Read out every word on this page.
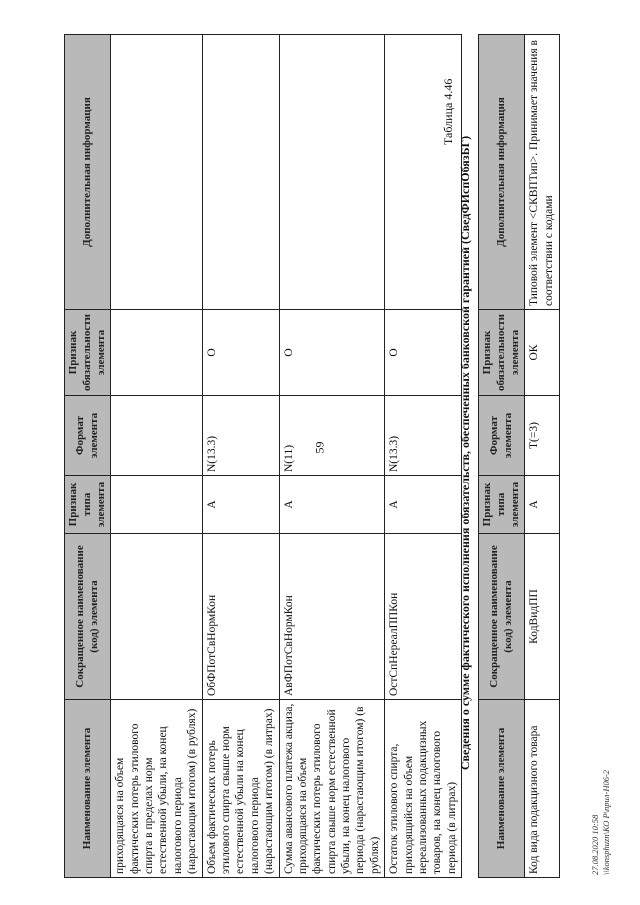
59
Наименование элемента	Сокращенное наименование (код) элемента	Признак типа элемента	Формат элемента	Признак обязательности элемента	Дополнительная информация
приходящаяся на объем фактических потерь этилового спирта в пределах норм естественной убыли, на конец налогового периода (нарастающим итогом) (в рублях)					
Объем фактических потерь этилового спирта свыше норм естественной убыли на конец налогового периода (нарастающим итогом) (в литрах)	ОбФПотСвНормКон	А	N(13.3)	О	
Сумма авансового платежа акциза, приходящаяся на объем фактических потерь этилового спирта свыше норм естественной убыли, на конец налогового периода (нарастающим итогом) (в рублях)	АвФПотСвНормКон	А	N(11)	О	
Остаток этилового спирта, приходящийся на объем нереализованных подакцизных товаров, на конец налогового периода (в литрах)	ОстСпНереалППКон	А	N(13.3)	О	
Таблица 4.46
Сведения о сумме фактического исполнения обязательств, обеспеченных банковской гарантией (СведФИспОбязБГ)
Наименование элемента	Сокращенное наименование (код) элемента	Признак типа элемента	Формат элемента	Признак обязательности элемента	Дополнительная информация
Код вида подакцизного товара	КодВидПП	А	T(=3)	ОК	Типовой элемент <СКВПТип>. Принимает значения в соответствии с кодами
27.08.2020 10:58 \\konsphuzn\КО Р\прил-Н06-2
